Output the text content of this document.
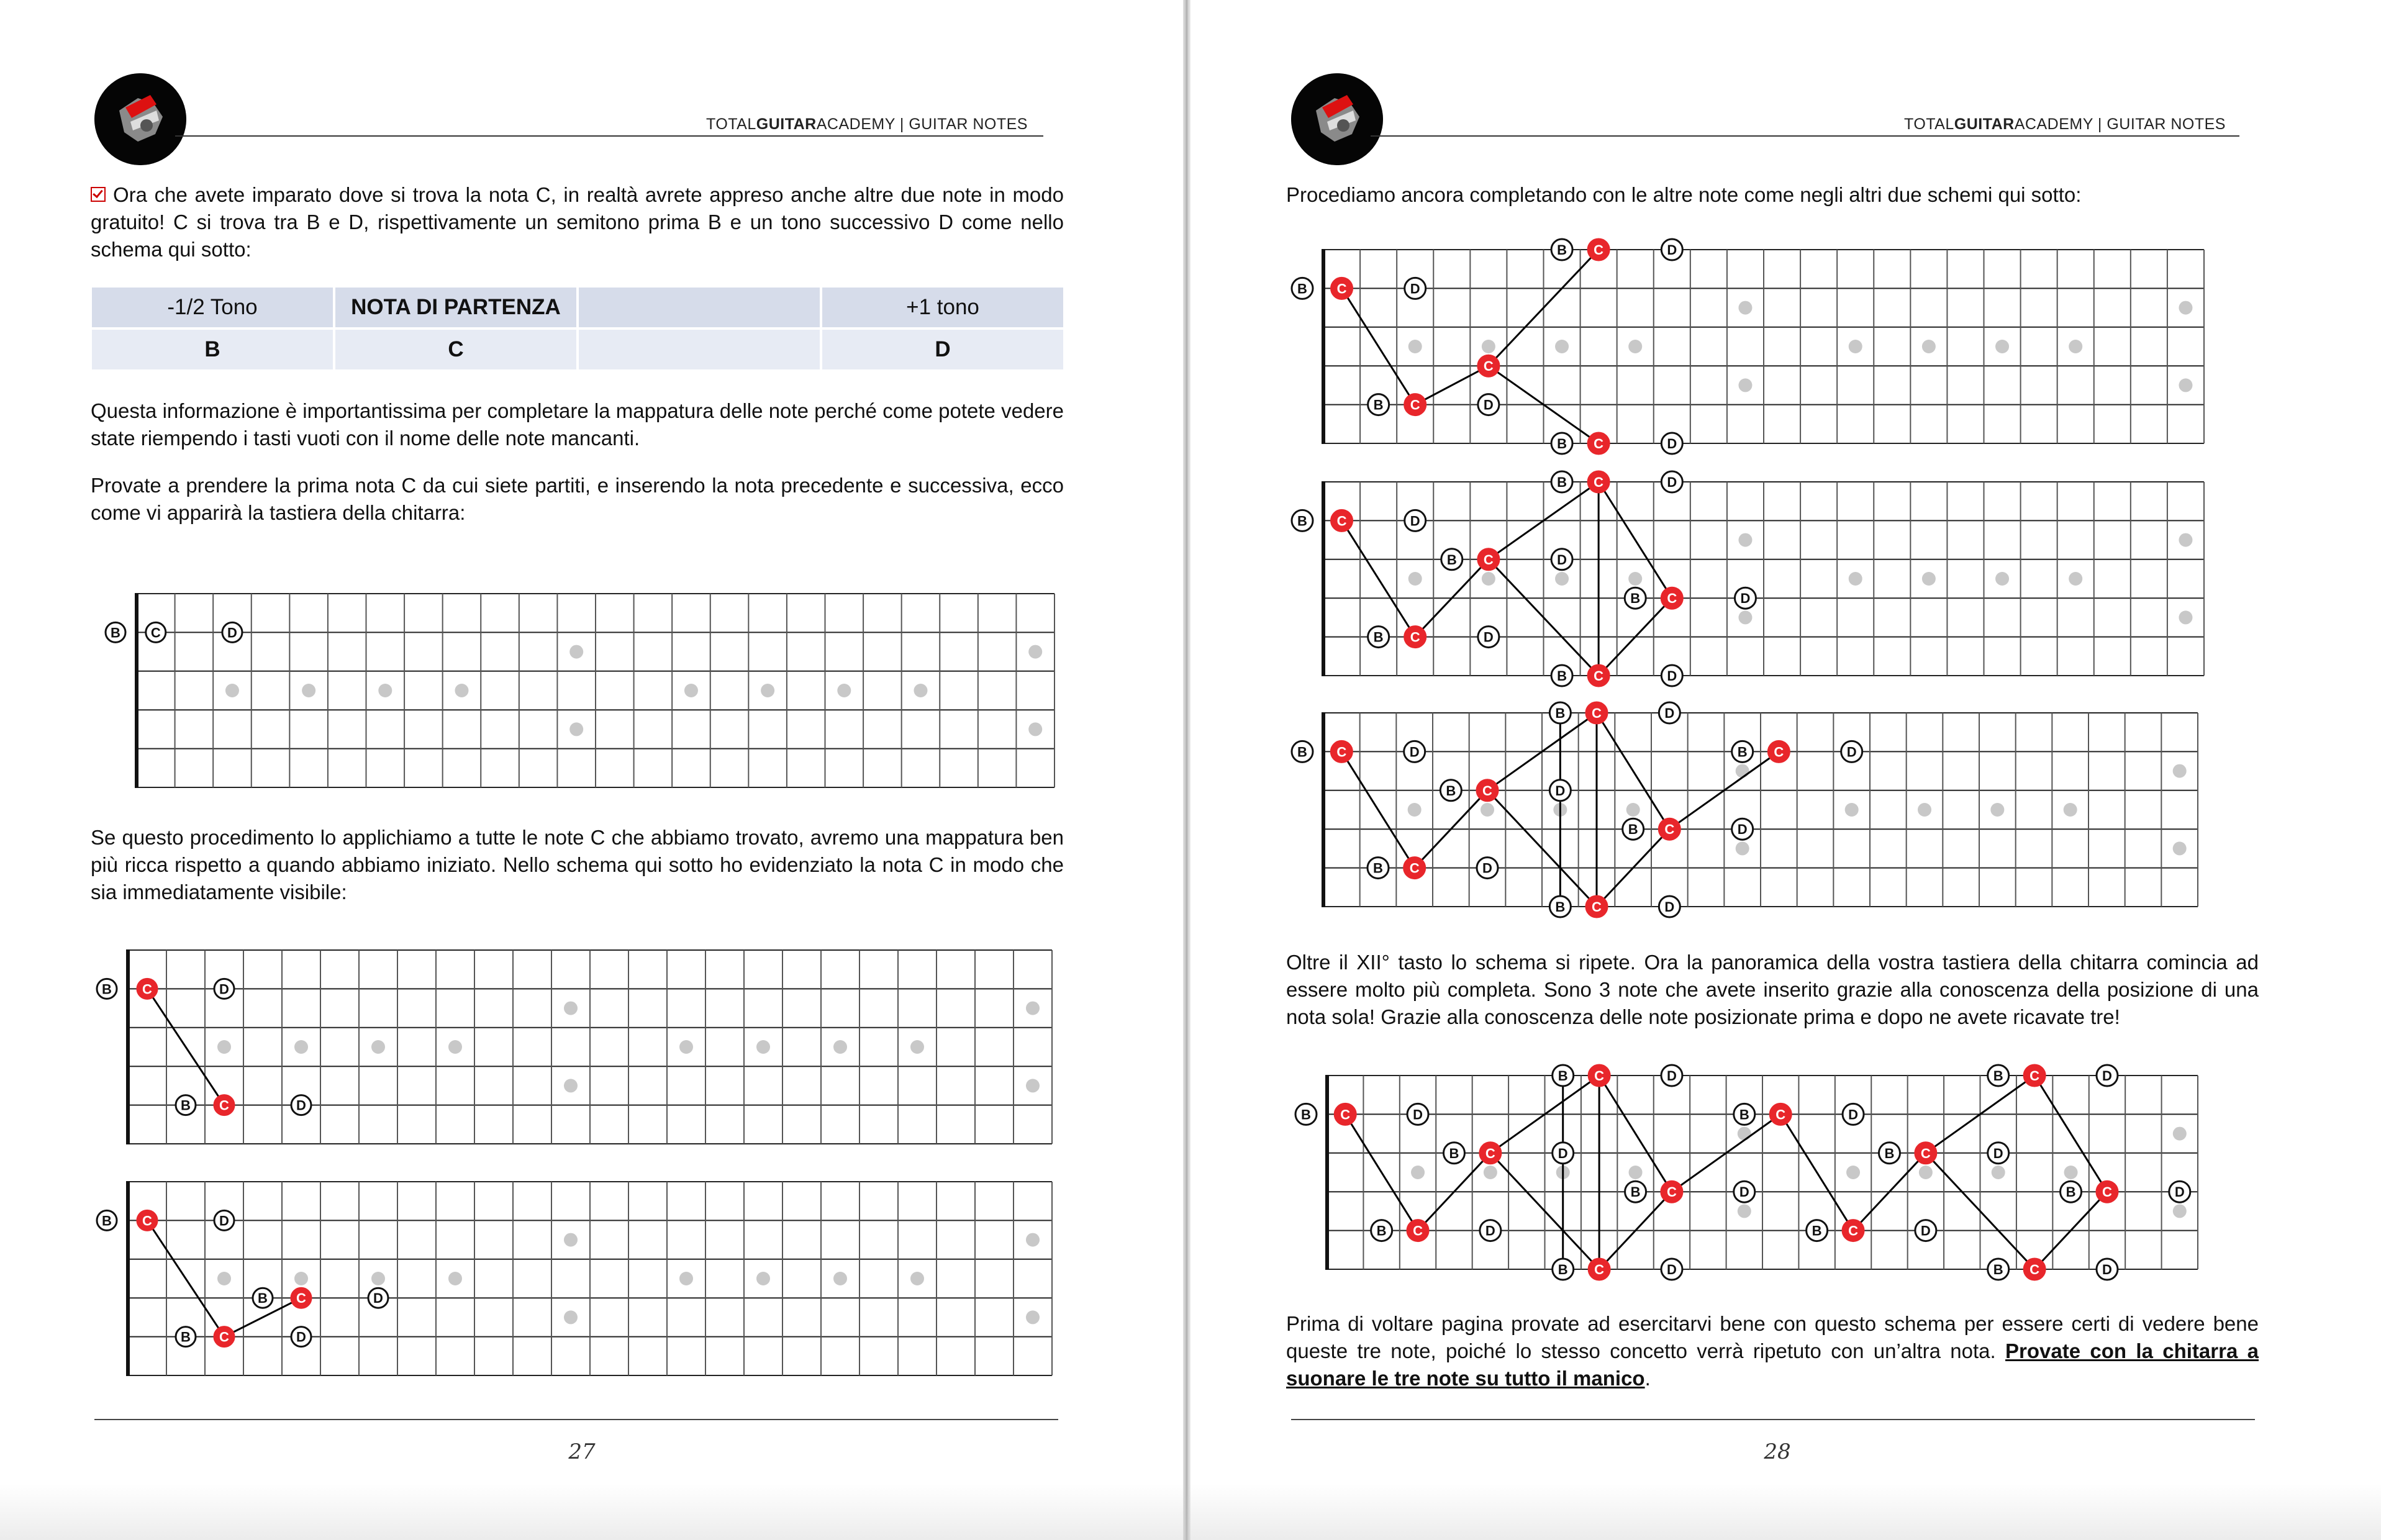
TOTALGUITARACADEMY | GUITAR NOTES
Ora che avete imparato dove si trova la nota C, in realtà avrete appreso anche altre due note in modo gratuito! C si trova tra B e D, rispettivamente un semitono prima B e un tono successivo D come nello schema qui sotto:
-1/2 Tono	NOTA DI PARTENZA		+1 tono
B	C		D
Questa informazione è importantissima per completare la mappatura delle note perché come potete vedere state riempendo i tasti vuoti con il nome delle note mancanti.
Provate a prendere la prima nota C da cui siete partiti, e inserendo la nota precedente e successiva, ecco come vi apparirà la tastiera della chitarra:
B C	D
Se questo procedimento lo applichiamo a tutte le note C che abbiamo trovato, avremo una mappatura ben più ricca rispetto a quando abbiamo iniziato. Nello schema qui sotto ho evidenziato la nota C in modo che sia immediatamente visibile:
B C	D
B C	D
B C	D
B C	D
B C	D
27
TOTALGUITARACADEMY | GUITAR NOTES
Procediamo ancora completando con le altre note come negli altri due schemi qui sotto:
B C	D
B C	D
C
B C	D
B C	D
B C	D
B C	D
B C	D
B C	D
B C	D
B C	D
B C	D
B C	D
B C	D
B C	D
B C	D
B C	D
B C	D
Oltre il XII° tasto lo schema si ripete. Ora la panoramica della vostra tastiera della chitarra comincia ad essere molto più completa. Sono 3 note che avete inserito grazie alla conoscenza della posizione di una nota sola! Grazie alla conoscenza delle note posizionate prima e dopo ne avete ricavate tre!
B C	D
B C	D
B C	D
B C	D
B C	D
B C	D
B C	D
B C	D
B C	D
B C	D
B C	D
B C	D
Prima di voltare pagina provate ad esercitarvi bene con questo schema per essere certi di vedere bene queste tre note, poiché lo stesso concetto verrà ripetuto con un’altra nota. Provate con la chitarra a suonare le tre note su tutto il manico.
28
